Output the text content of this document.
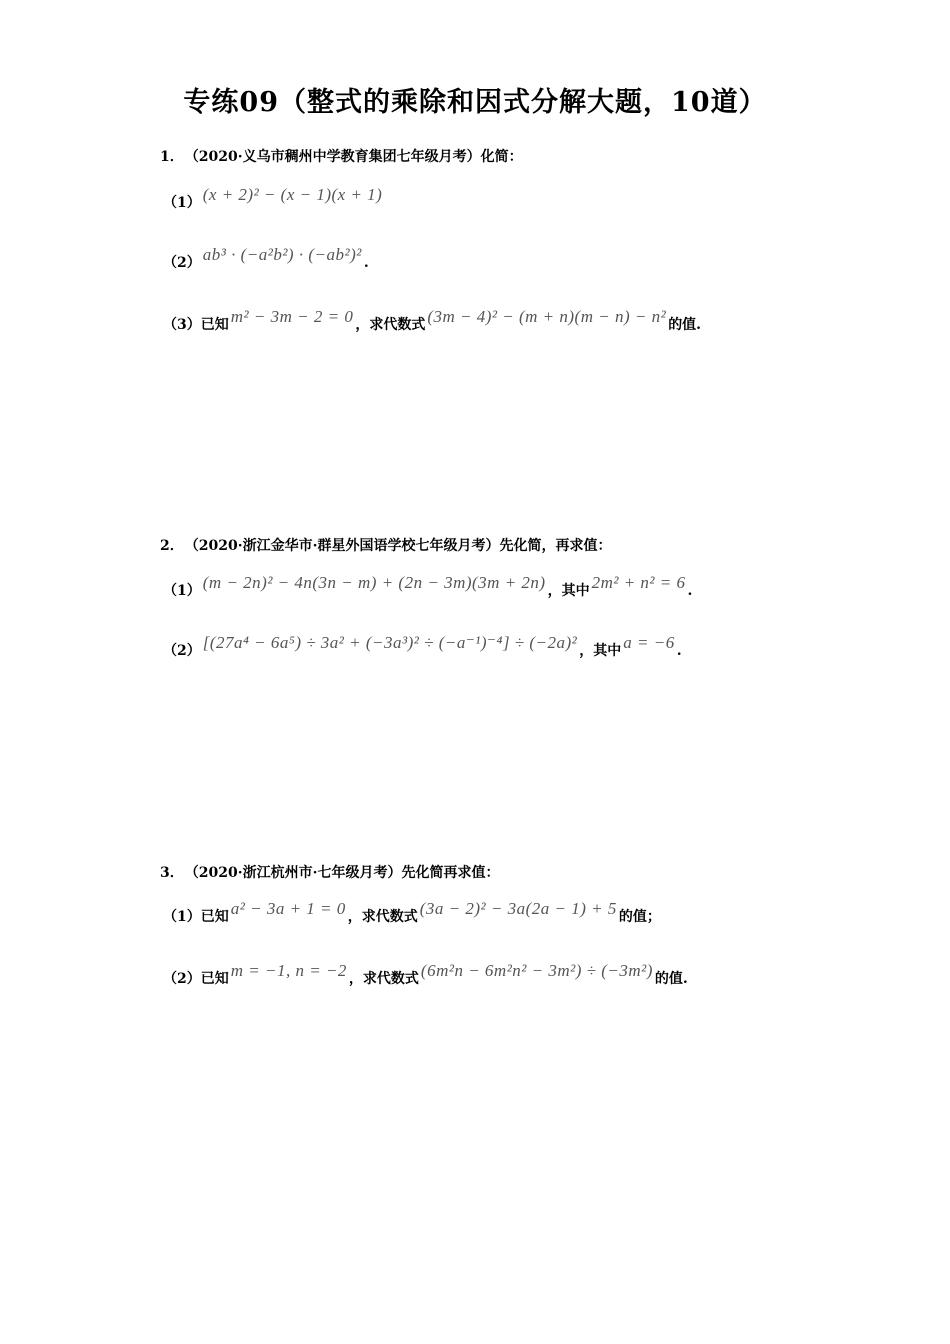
专练09（整式的乘除和因式分解大题，10道）
1． （2020·义乌市稠州中学教育集团七年级月考）化简：
（1） (x + 2)² − (x − 1)(x + 1)
（2） ab³ · (−a²b²) · (−ab²)² .
（3）已知 m² − 3m − 2 = 0 ，求代数式 (3m − 4)² − (m + n)(m − n) − n² 的值.
2． （2020·浙江金华市·群星外国语学校七年级月考）先化简，再求值：
（1） (m − 2n)² − 4n(3n − m) + (2n − 3m)(3m + 2n) ，其中 2m² + n² = 6 .
（2） [(27a⁴ − 6a⁵) ÷ 3a² + (−3a³)² ÷ (−a⁻¹)⁻⁴] ÷ (−2a)² ，其中 a = −6 .
3． （2020·浙江杭州市·七年级月考）先化简再求值：
（1）已知 a² − 3a + 1 = 0 ，求代数式 (3a − 2)² − 3a(2a − 1) + 5 的值；
（2）已知 m = −1, n = −2 ，求代数式 (6m²n − 6m²n² − 3m²) ÷ (−3m²) 的值.
